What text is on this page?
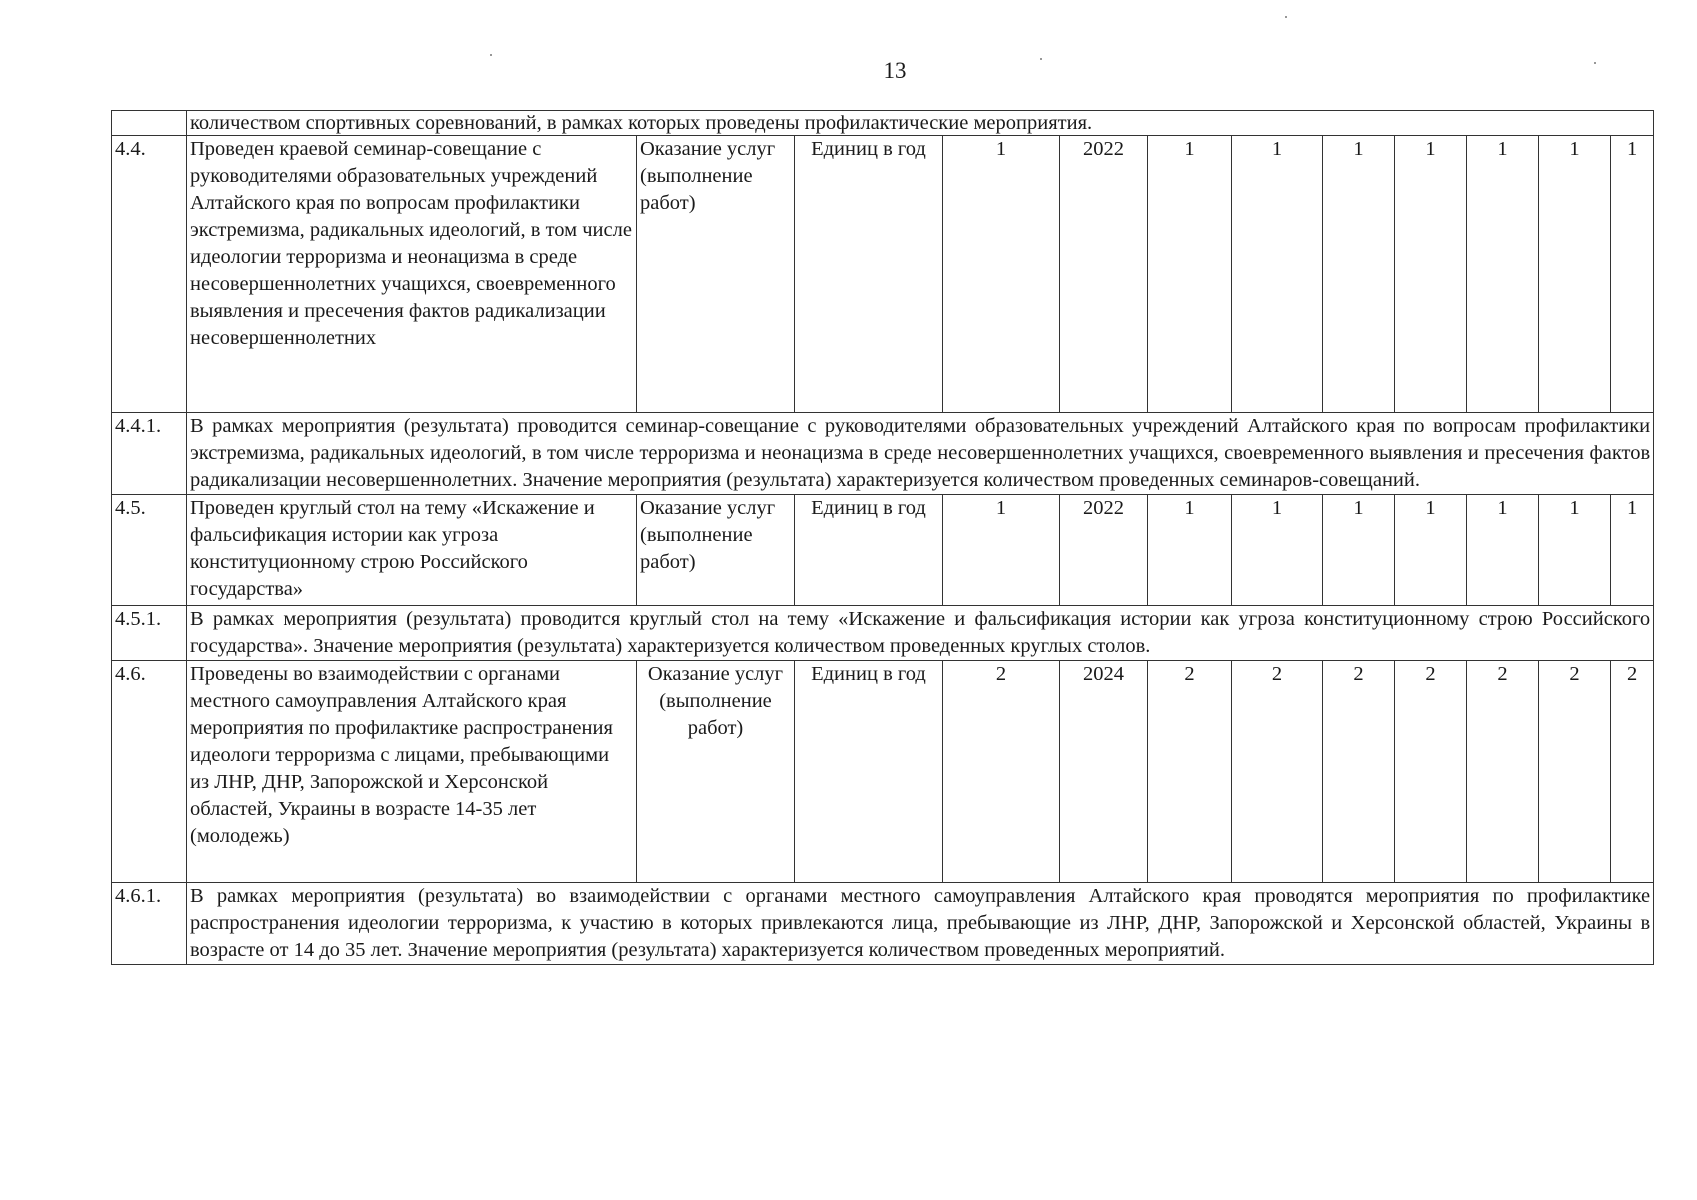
13
	количеством спортивных соревнований, в рамках которых проведены профилактические мероприятия.											
4.4.	Проведен краевой семинар-совещание с руководителями образовательных учреждений Алтайского края по вопросам профилактики экстремизма, радикальных идеологий, в том числе идеологии терроризма и неонацизма в среде несовершеннолетних учащихся, своевременного выявления и пресечения фактов радикализации несовершеннолетних	Оказание услуг (выполнение работ)	Единиц в год	1	2022	1	1	1	1	1	1	1
4.4.1.	В рамках мероприятия (результата) проводится семинар-совещание с руководителями образовательных учреждений Алтайского края по вопросам профилактики экстремизма, радикальных идеологий, в том числе терроризма и неонацизма в среде несовершеннолетних учащихся, своевременного выявления и пресечения фактов радикализации несовершеннолетних. Значение мероприятия (результата) характеризуется количеством проведенных семинаров-совещаний.											
4.5.	Проведен круглый стол на тему «Искажение и фальсификация истории как угроза конституционному строю Российского государства»	Оказание услуг (выполнение работ)	Единиц в год	1	2022	1	1	1	1	1	1	1
4.5.1.	В рамках мероприятия (результата) проводится круглый стол на тему «Искажение и фальсификация истории как угроза конституционному строю Российского государства». Значение мероприятия (результата) характеризуется количеством проведенных круглых столов.											
4.6.	Проведены во взаимодействии с органами местного самоуправления Алтайского края мероприятия по профилактике распространения идеологи терроризма с лицами, пребывающими из ЛНР, ДНР, Запорожской и Херсонской областей, Украины в возрасте 14-35 лет (молодежь)	Оказание услуг (выполнение работ)	Единиц в год	2	2024	2	2	2	2	2	2	2
4.6.1.	В рамках мероприятия (результата) во взаимодействии с органами местного самоуправления Алтайского края проводятся мероприятия по профилактике распространения идеологии терроризма, к участию в которых привлекаются лица, пребывающие из ЛНР, ДНР, Запорожской и Херсонской областей, Украины в возрасте от 14 до 35 лет. Значение мероприятия (результата) характеризуется количеством проведенных мероприятий.											
